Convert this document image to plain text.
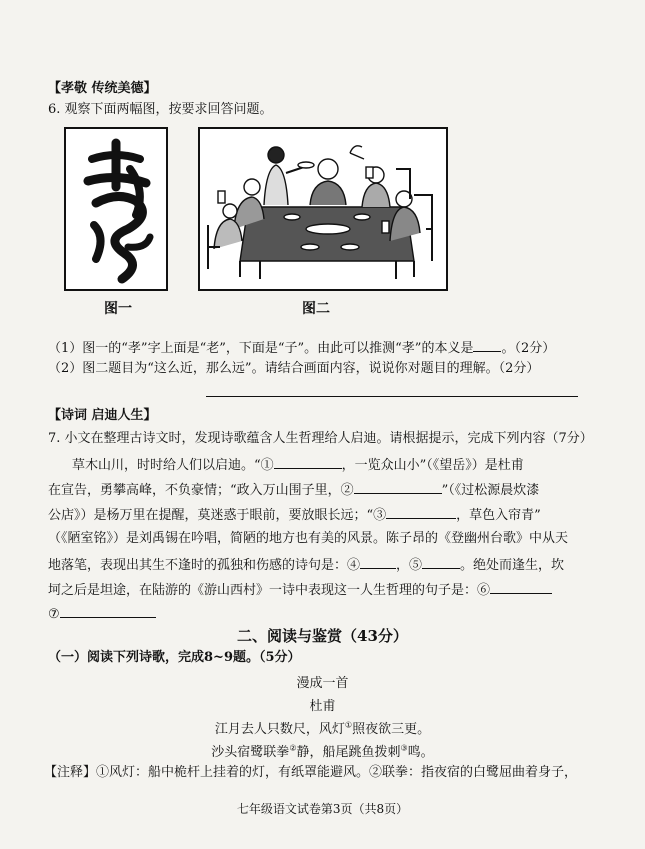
【孝敬 传统美德】
6. 观察下面两幅图，按要求回答问题。
图一	图二
（1）图一的“孝”字上面是“老”，下面是“子”。由此可以推测“孝”的本义是 。（2分）
（2）图二题目为“这么近，那么远”。请结合画面内容，说说你对题目的理解。（2分）
【诗词 启迪人生】
7. 小文在整理古诗文时，发现诗歌蕴含人生哲理给人启迪。请根据提示，完成下列内容（7分）
草木山川，时时给人们以启迪。“①	，一览众山小”（《望岳》）是杜甫
在宣告，勇攀高峰，不负豪情；“政入万山围子里，②	”（《过松源晨炊漆
公店》）是杨万里在提醒，莫迷惑于眼前，要放眼长远；“③	，草色入帘青”
（《陋室铭》）是刘禹锡在吟唱，简陋的地方也有美的风景。陈子昂的《登幽州台歌》中从天
地落笔，表现出其生不逢时的孤独和伤感的诗句是：④	，⑤	。绝处而逢生，坎
坷之后是坦途，在陆游的《游山西村》一诗中表现这一人生哲理的句子是：⑥
⑦
二、阅读与鉴赏（43分）
（一）阅读下列诗歌，完成8~9题。（5分）
漫成一首
杜甫
江月去人只数尺，风灯①照夜欲三更。
沙头宿鹭联拳②静，船尾跳鱼拨刺③鸣。
【注释】①风灯：船中桅杆上挂着的灯，有纸罩能避风。②联拳：指夜宿的白鹭屈曲着身子，
七年级语文试卷第3页（共8页）
